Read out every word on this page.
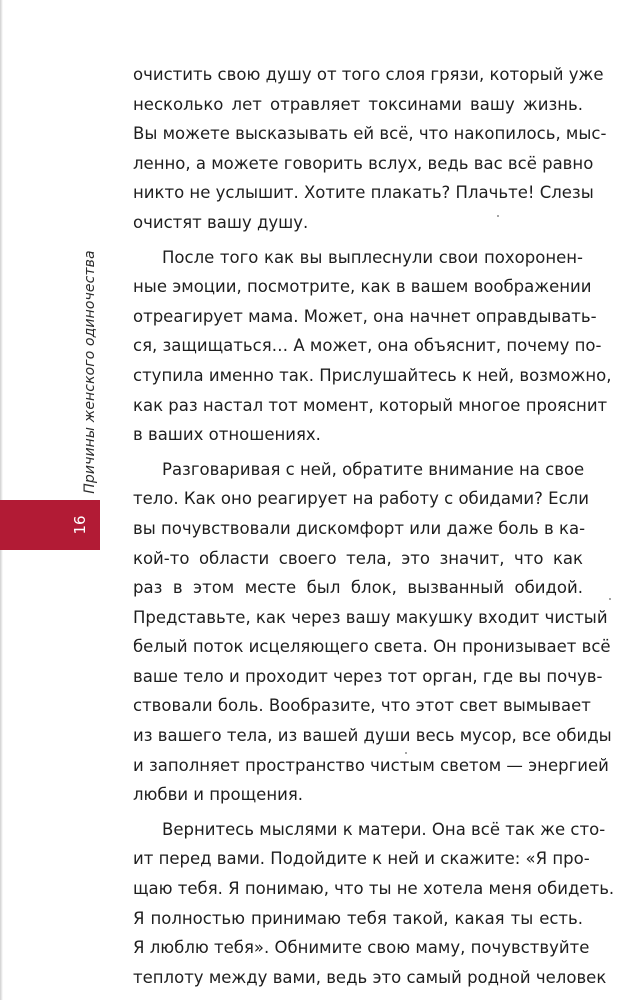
Причины женского одиночества
16

очистить свою душу от того слоя грязи, который уже
несколько лет отравляет токсинами вашу жизнь.
Вы можете высказывать ей всё, что накопилось, мыс-
ленно, а можете говорить вслух, ведь вас всё равно
никто не услышит. Хотите плакать? Плачьте! Слезы
очистят вашу душу.

После того как вы выплеснули свои похоронен-
ные эмоции, посмотрите, как в вашем воображении
отреагирует мама. Может, она начнет оправдывать-
ся, защищаться… А может, она объяснит, почему по-
ступила именно так. Прислушайтесь к ней, возможно,
как раз настал тот момент, который многое прояснит
в ваших отношениях.

Разговаривая с ней, обратите внимание на свое
тело. Как оно реагирует на работу с обидами? Если
вы почувствовали дискомфорт или даже боль в ка-
кой-то области своего тела, это значит, что как
раз в этом месте был блок, вызванный обидой.
Представьте, как через вашу макушку входит чистый
белый поток исцеляющего света. Он пронизывает всё
ваше тело и проходит через тот орган, где вы почув-
ствовали боль. Вообразите, что этот свет вымывает
из вашего тела, из вашей души весь мусор, все обиды
и заполняет пространство чистым светом — энергией
любви и прощения.

Вернитесь мыслями к матери. Она всё так же сто-
ит перед вами. Подойдите к ней и скажите: «Я про-
щаю тебя. Я понимаю, что ты не хотела меня обидеть.
Я полностью принимаю тебя такой, какая ты есть.
Я люблю тебя». Обнимите свою маму, почувствуйте
теплоту между вами, ведь это самый родной человек
